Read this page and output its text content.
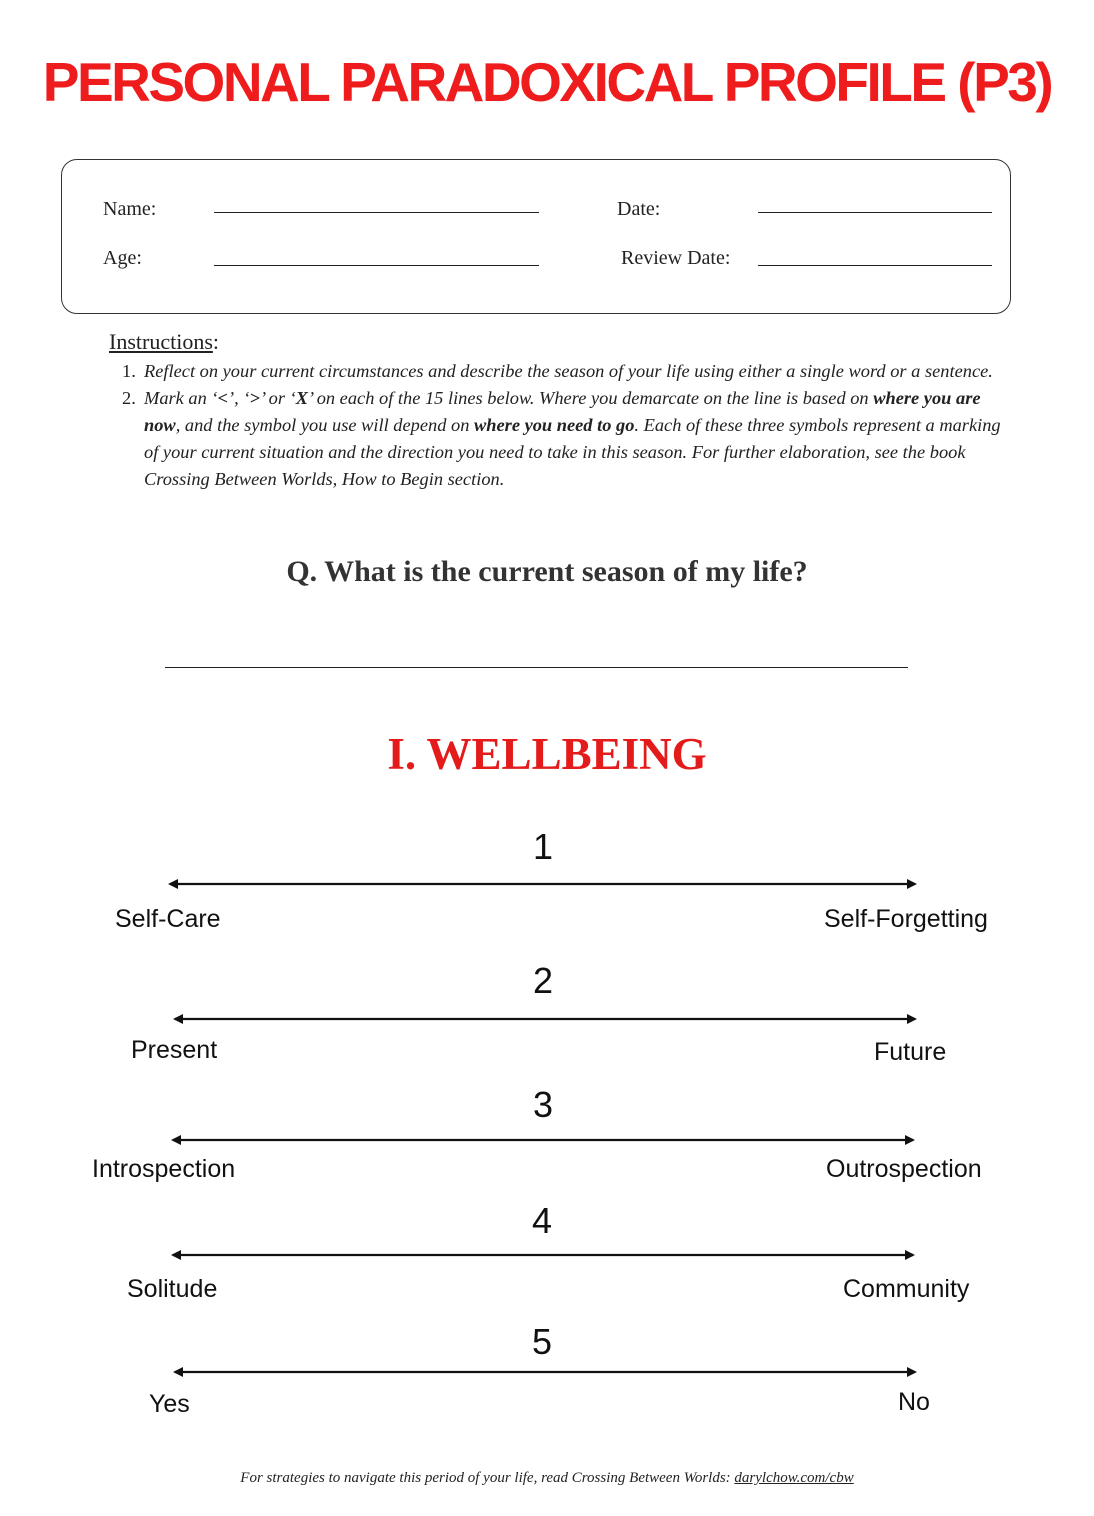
PERSONAL PARADOXICAL PROFILE (P3)
Name:	Date:
Age:	Review Date:
Instructions:
1. Reflect on your current circumstances and describe the season of your life using either a single word or a sentence.
2. Mark an ‘<’, ‘>’ or ‘X’ on each of the 15 lines below. Where you demarcate on the line is based on where you are now, and the symbol you use will depend on where you need to go. Each of these three symbols represent a marking of your current situation and the direction you need to take in this season. For further elaboration, see the book Crossing Between Worlds, How to Begin section.
Q. What is the current season of my life?
I. WELLBEING
1
Self-Care	Self-Forgetting
2
Present	Future
3
Introspection	Outrospection
4
Solitude	Community
5
Yes	No
For strategies to navigate this period of your life, read Crossing Between Worlds: darylchow.com/cbw
